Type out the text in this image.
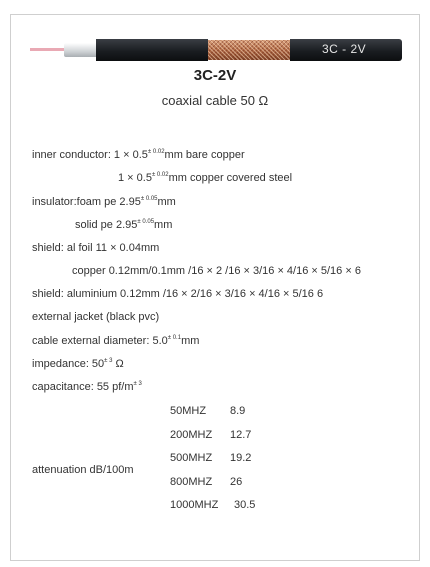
3C - 2V
3C-2V
coaxial cable 50 Ω
inner conductor: $1 \times 0.5^{\pm 0.02}mm$ bare copper
$1 \times 0.5^{\pm 0.02}mm$ copper covered steel
insulator:foam pe $2.95^{\pm 0.05}mm$
solid pe $2.95^{\pm 0.05}mm$
shield: al foil 11 × 0.04mm
copper 0.12mm/0.1mm /16 × 2 /16 × 3/16 × 4/16 × 5/16 × 6
shield: aluminium 0.12mm /16 × 2/16 × 3/16 × 4/16 × 5/16 6
external jacket (black pvc)
cable external diameter: $5.0^{\pm 0.1}mm$
impedance: $50^{\pm 3}$ Ω
capacitance: 55 $pf/m^{\pm 3}$
attenuation dB/100m
50MHZ 8.9
200MHZ 12.7
500MHZ 19.2
800MHZ 26
1000MHZ 30.5
